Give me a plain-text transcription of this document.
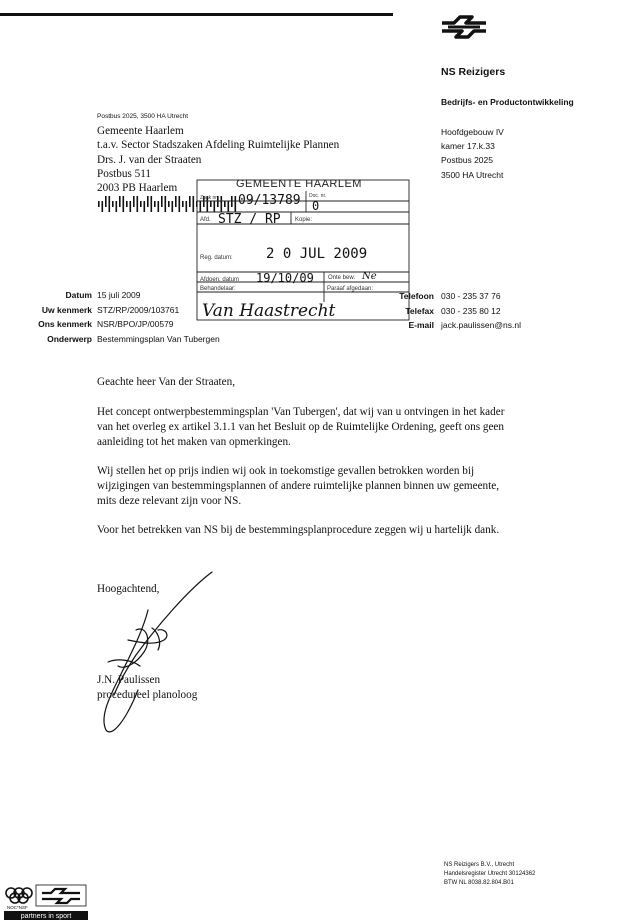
NS Reizigers
Bedrijfs- en Productontwikkeling
Hoofdgebouw IV
kamer 17.k.33
Postbus 2025
3500 HA Utrecht
Postbus 2025, 3500 HA Utrecht
Gemeente Haarlem
t.a.v. Sector Stadszaken Afdeling Ruimtelijke Plannen
Drs. J. van der Straaten
Postbus 511
2003 PB Haarlem	GEMEENTE HAARLEM
Zaak nr. 09/13789 Doc. nr.
0
Afd. STZ / RP Kopie:
Reg. datum: 2 0 JUL 2009
Afdoen. datum 19/10/09 Onte bew. Ne
Behandelaar:	Paraaf afgedaan:
Van Haastrecht
Datum
Uw kenmerk
Ons kenmerk
Onderwerp
15 juli 2009
STZ/RP/2009/103761
NSR/BPO/JP/00579
Bestemmingsplan Van Tubergen
Telefoon
Telefax
E-mail
030 - 235 37 76
030 - 235 80 12
jack.paulissen@ns.nl
Geachte heer Van der Straaten,
Het concept ontwerpbestemmingsplan 'Van Tubergen', dat wij van u ontvingen in het kader
van het overleg ex artikel 3.1.1 van het Besluit op de Ruimtelijke Ordening, geeft ons geen
aanleiding tot het maken van opmerkingen.
Wij stellen het op prijs indien wij ook in toekomstige gevallen betrokken worden bij
wijzigingen van bestemmingsplannen of andere ruimtelijke plannen binnen uw gemeente,
mits deze relevant zijn voor NS.
Voor het betrekken van NS bij de bestemmingsplanprocedure zeggen wij u hartelijk dank.
Hoogachtend,
J.N. Paulissen
procedureel planoloog
NS Reizigers B.V., Utrecht
Handelsregister Utrecht 30124362
BTW NL 8038.82.804.B01
NOC*NSF
partners in sport
